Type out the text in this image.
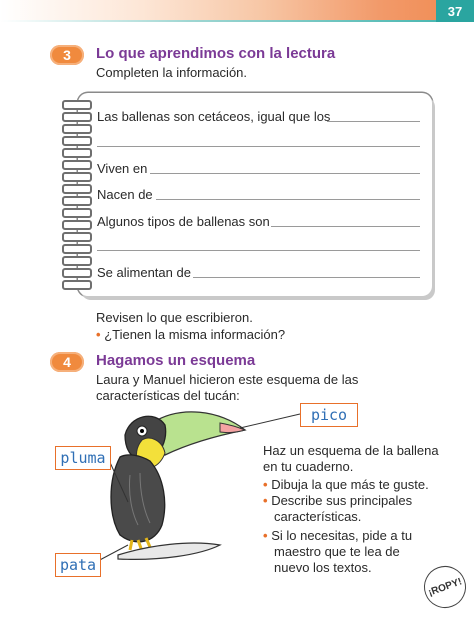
37
3	Lo que aprendimos con la lectura
Completen la información.
Las ballenas son cetáceos, igual que los
Viven en
Nacen de
Algunos tipos de ballenas son
Se alimentan de
Revisen lo que escribieron.
• ¿Tienen la misma información?
4	Hagamos un esquema
Laura y Manuel hicieron este esquema de las
características del tucán:
pico
pluma
pata
Haz un esquema de la ballena
en tu cuaderno.
• Dibuja la que más te guste.
• Describe sus principales
características.
• Si lo necesitas, pide a tu
maestro que te lea de
nuevo los textos.
¡ROPY!
